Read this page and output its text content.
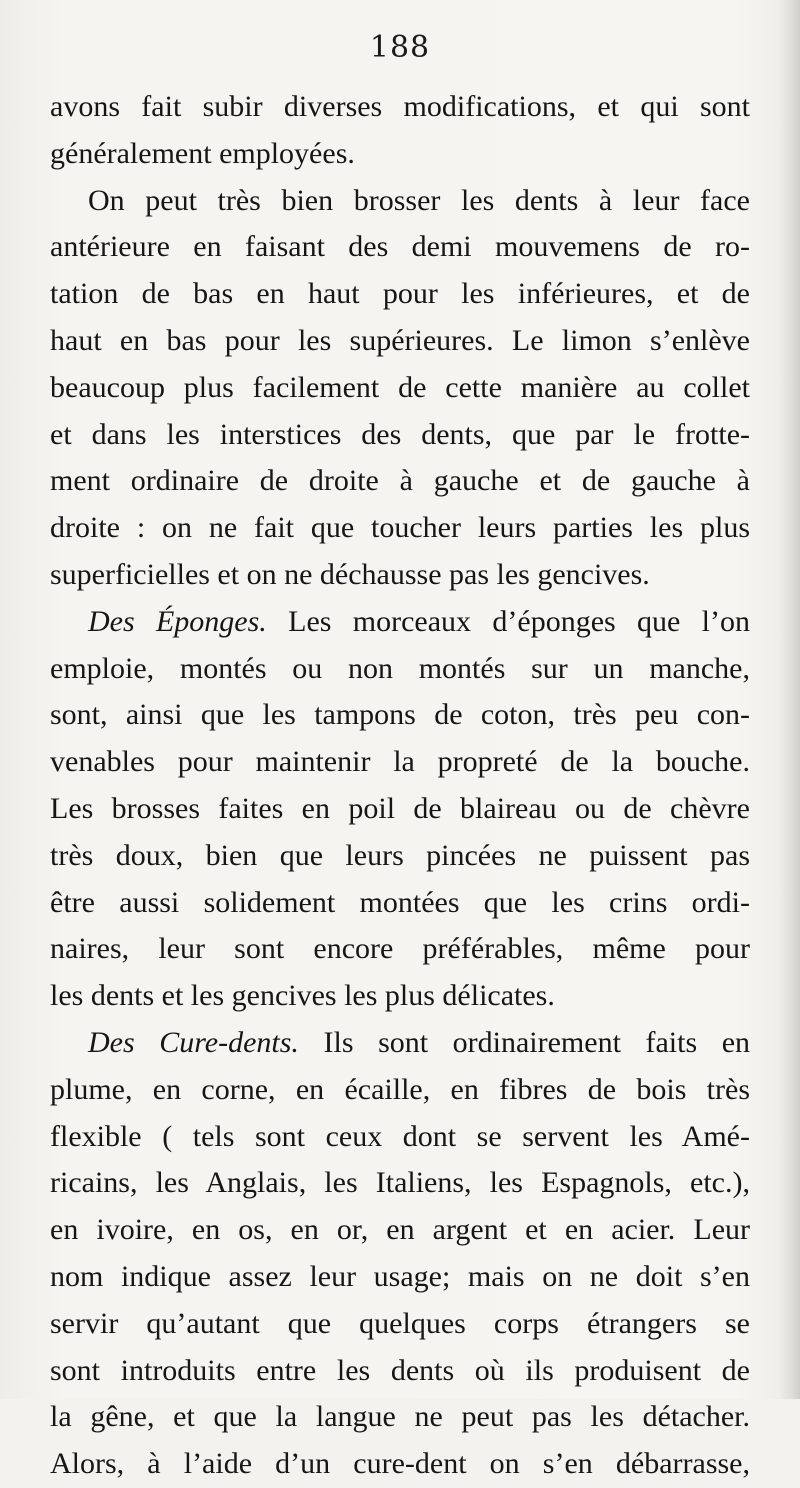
188
avons fait subir diverses modifications, et qui sont
généralement employées.
On peut très bien brosser les dents à leur face
antérieure en faisant des demi mouvemens de ro-
tation de bas en haut pour les inférieures, et de
haut en bas pour les supérieures. Le limon s’enlève
beaucoup plus facilement de cette manière au collet
et dans les interstices des dents, que par le frotte-
ment ordinaire de droite à gauche et de gauche à
droite : on ne fait que toucher leurs parties les plus
superficielles et on ne déchausse pas les gencives.
Des Éponges. Les morceaux d’éponges que l’on
emploie, montés ou non montés sur un manche,
sont, ainsi que les tampons de coton, très peu con-
venables pour maintenir la propreté de la bouche.
Les brosses faites en poil de blaireau ou de chèvre
très doux, bien que leurs pincées ne puissent pas
être aussi solidement montées que les crins ordi-
naires, leur sont encore préférables, même pour
les dents et les gencives les plus délicates.
Des Cure-dents. Ils sont ordinairement faits en
plume, en corne, en écaille, en fibres de bois très
flexible ( tels sont ceux dont se servent les Amé-
ricains, les Anglais, les Italiens, les Espagnols, etc.),
en ivoire, en os, en or, en argent et en acier. Leur
nom indique assez leur usage; mais on ne doit s’en
servir qu’autant que quelques corps étrangers se
sont introduits entre les dents où ils produisent de
la gêne, et que la langue ne peut pas les détacher.
Alors, à l’aide d’un cure-dent on s’en débarrasse,
